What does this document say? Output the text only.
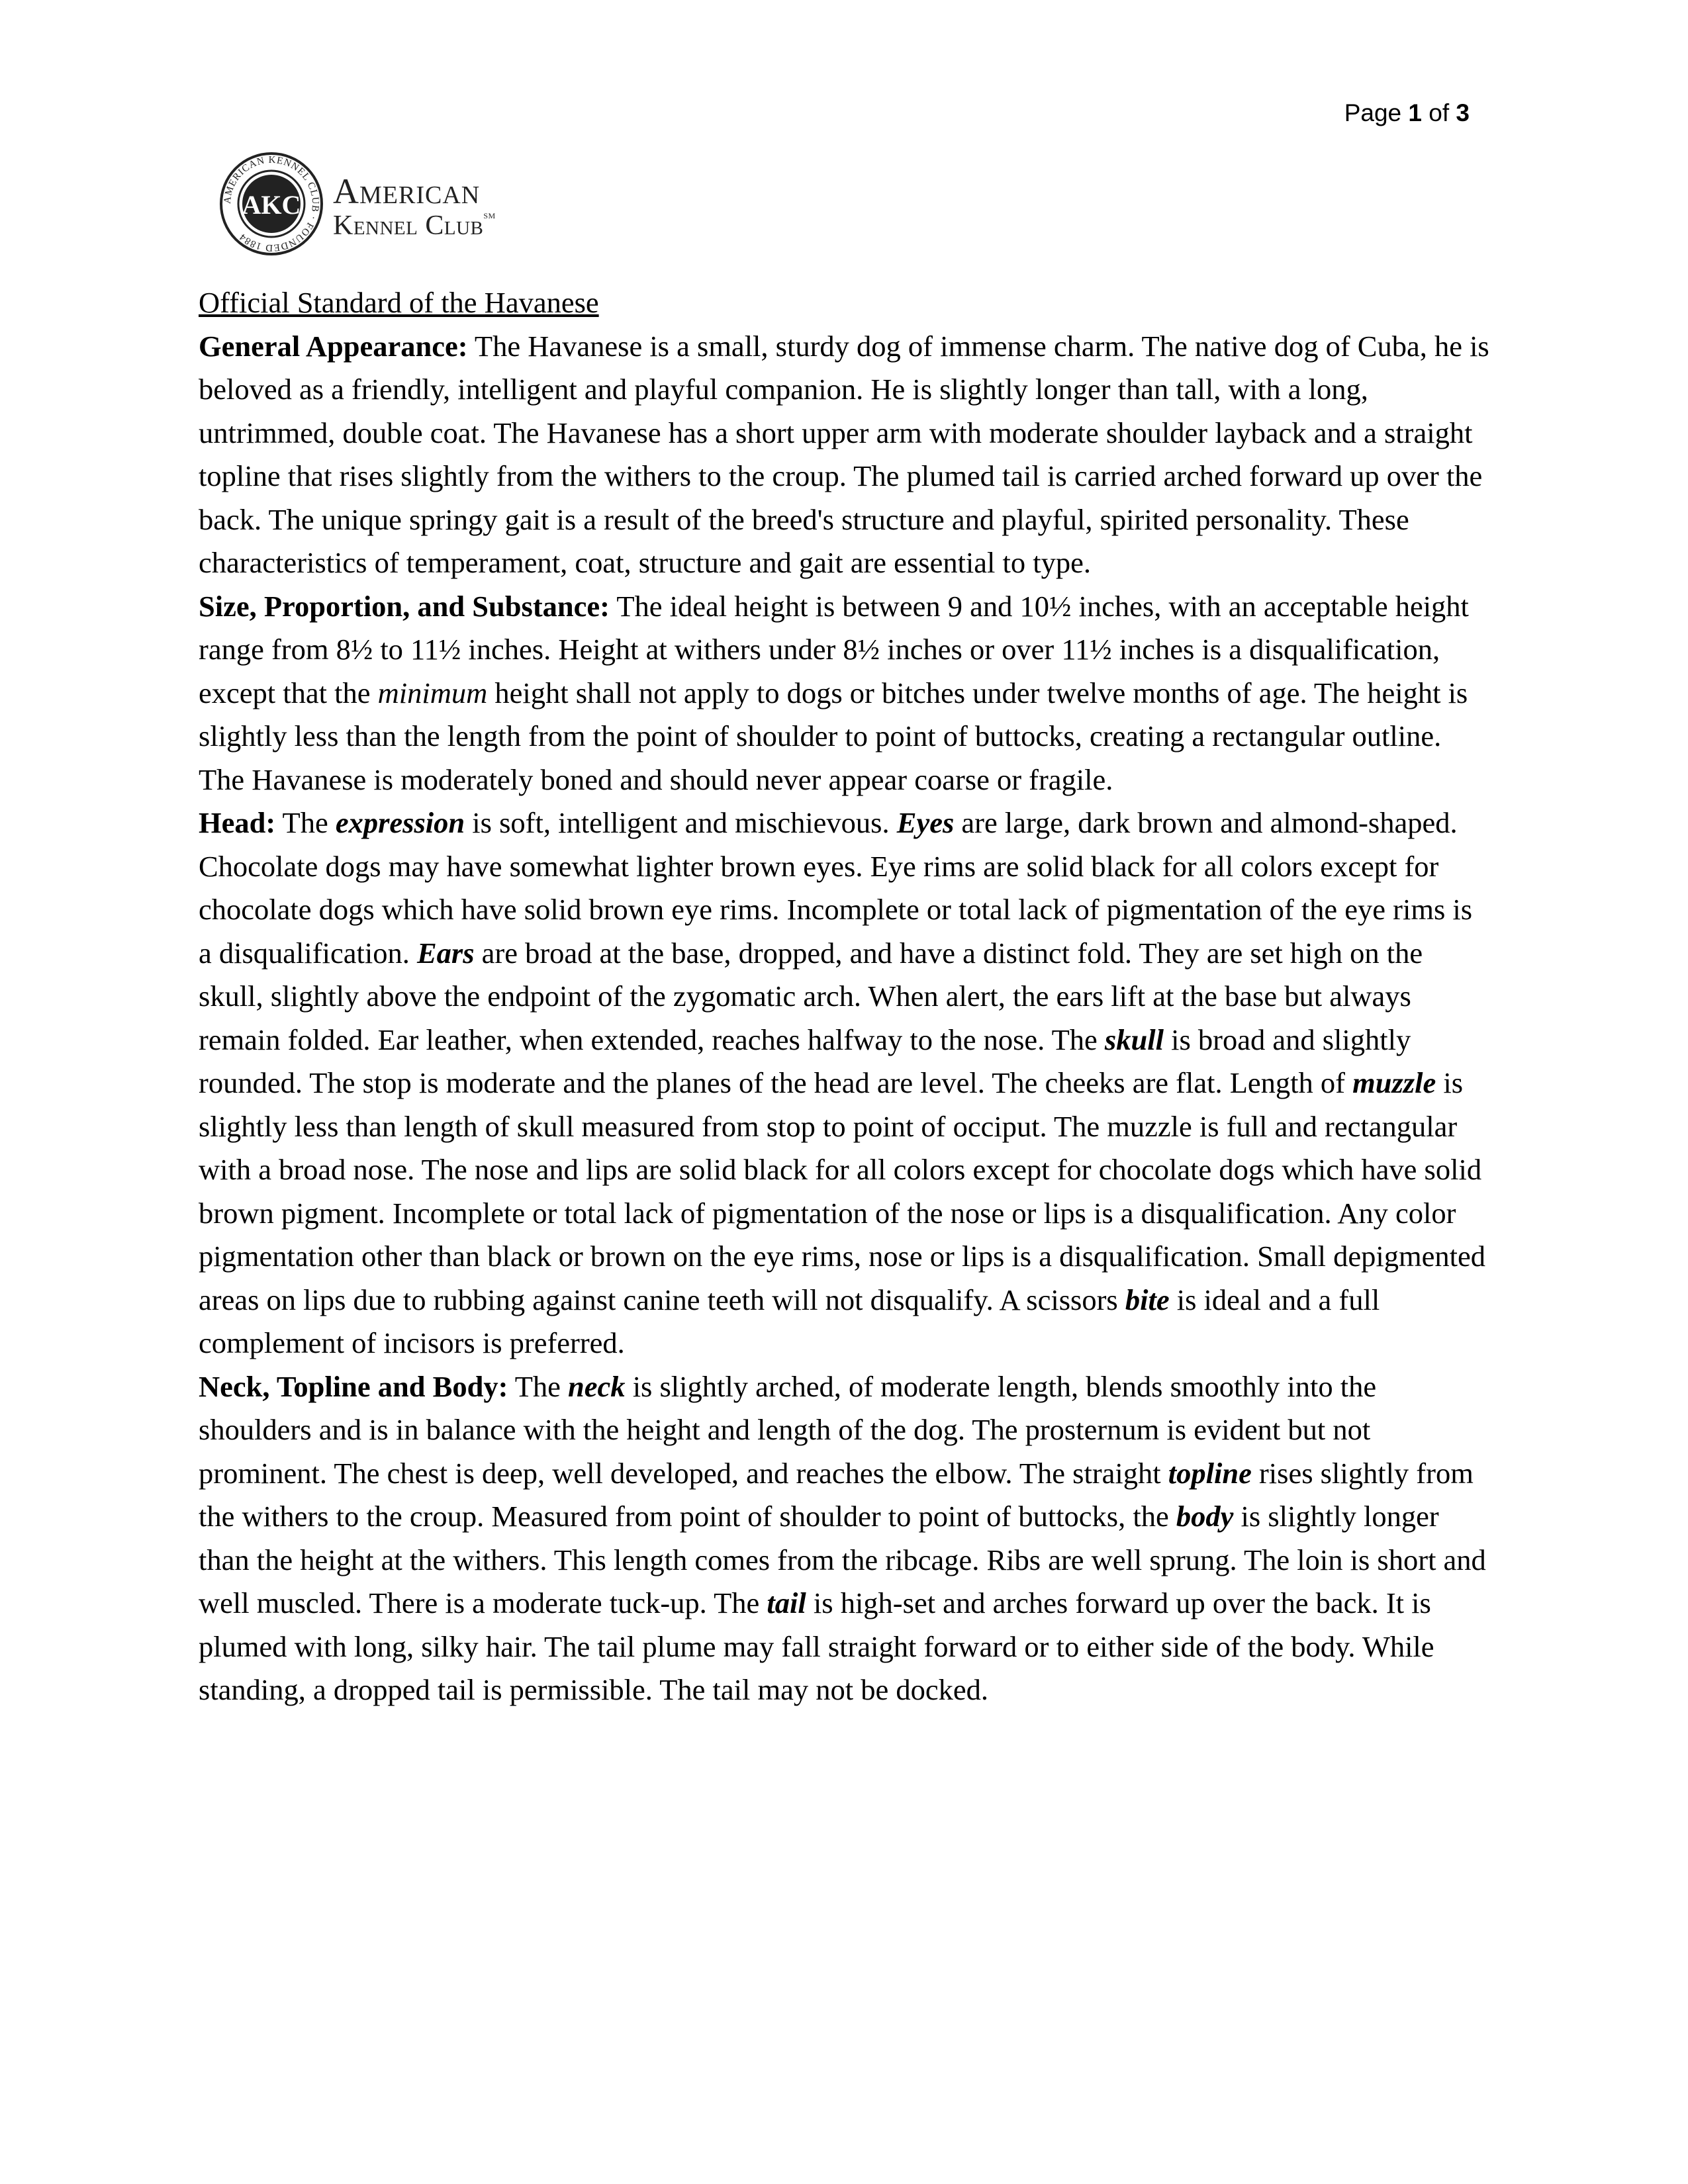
Page 1 of 3
AMERICAN KENNEL CLUB · FOUNDED 1884
AKC American
Kennel Club℠

Official Standard of the Havanese

General Appearance: The Havanese is a small, sturdy dog of immense charm. The native dog of Cuba, he is beloved as a friendly, intelligent and playful companion. He is slightly longer than tall, with a long, untrimmed, double coat. The Havanese has a short upper arm with moderate shoulder layback and a straight topline that rises slightly from the withers to the croup. The plumed tail is carried arched forward up over the back. The unique springy gait is a result of the breed's structure and playful, spirited personality. These characteristics of temperament, coat, structure and gait are essential to type.

Size, Proportion, and Substance: The ideal height is between 9 and 10½ inches, with an acceptable height range from 8½ to 11½ inches. Height at withers under 8½ inches or over 11½ inches is a disqualification, except that the minimum height shall not apply to dogs or bitches under twelve months of age. The height is slightly less than the length from the point of shoulder to point of buttocks, creating a rectangular outline. The Havanese is moderately boned and should never appear coarse or fragile.

Head: The expression is soft, intelligent and mischievous. Eyes are large, dark brown and almond-shaped. Chocolate dogs may have somewhat lighter brown eyes. Eye rims are solid black for all colors except for chocolate dogs which have solid brown eye rims. Incomplete or total lack of pigmentation of the eye rims is a disqualification. Ears are broad at the base, dropped, and have a distinct fold. They are set high on the skull, slightly above the endpoint of the zygomatic arch. When alert, the ears lift at the base but always remain folded. Ear leather, when extended, reaches halfway to the nose. The skull is broad and slightly rounded. The stop is moderate and the planes of the head are level. The cheeks are flat. Length of muzzle is slightly less than length of skull measured from stop to point of occiput. The muzzle is full and rectangular with a broad nose. The nose and lips are solid black for all colors except for chocolate dogs which have solid brown pigment. Incomplete or total lack of pigmentation of the nose or lips is a disqualification. Any color pigmentation other than black or brown on the eye rims, nose or lips is a disqualification. Small depigmented areas on lips due to rubbing against canine teeth will not disqualify. A scissors bite is ideal and a full complement of incisors is preferred.

Neck, Topline and Body: The neck is slightly arched, of moderate length, blends smoothly into the shoulders and is in balance with the height and length of the dog. The prosternum is evident but not prominent. The chest is deep, well developed, and reaches the elbow. The straight topline rises slightly from the withers to the croup. Measured from point of shoulder to point of buttocks, the body is slightly longer than the height at the withers. This length comes from the ribcage. Ribs are well sprung. The loin is short and well muscled. There is a moderate tuck-up. The tail is high-set and arches forward up over the back. It is plumed with long, silky hair. The tail plume may fall straight forward or to either side of the body. While standing, a dropped tail is permissible. The tail may not be docked.
